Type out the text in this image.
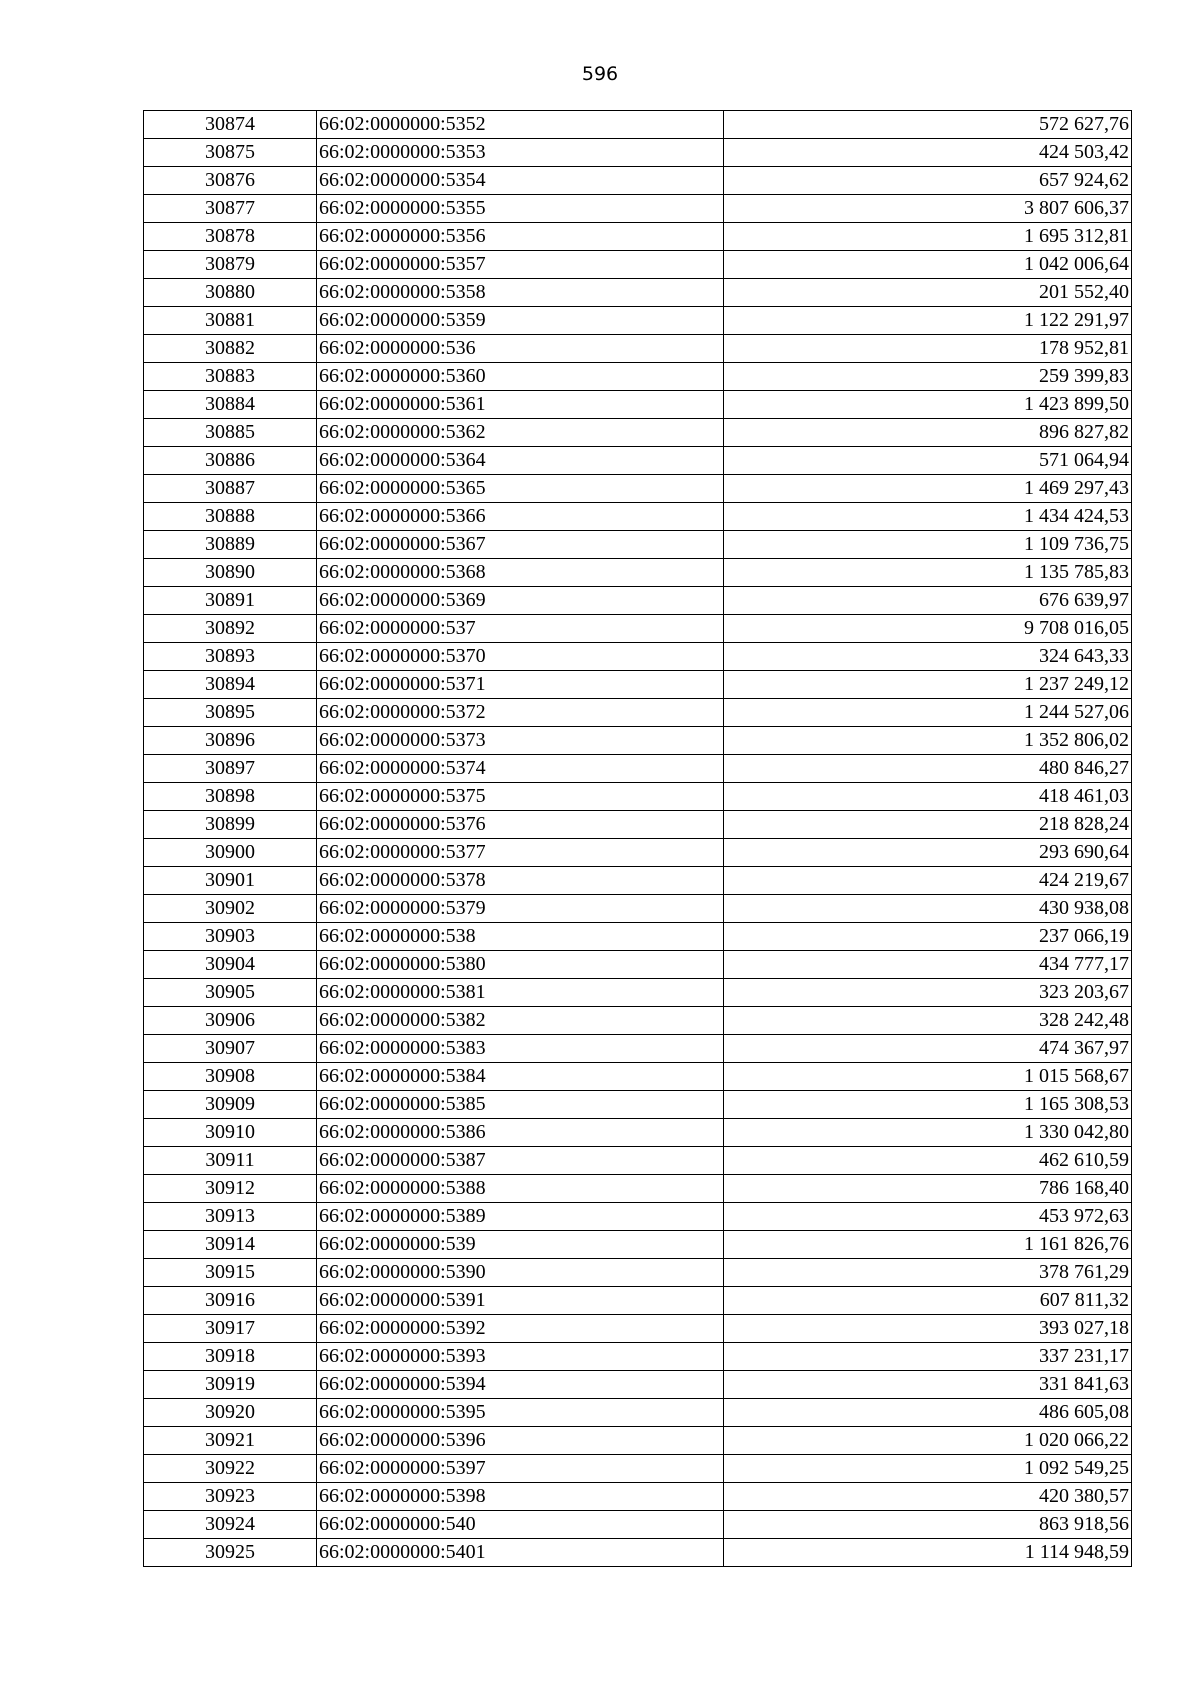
596
30874	66:02:0000000:5352	572 627,76
30875	66:02:0000000:5353	424 503,42
30876	66:02:0000000:5354	657 924,62
30877	66:02:0000000:5355	3 807 606,37
30878	66:02:0000000:5356	1 695 312,81
30879	66:02:0000000:5357	1 042 006,64
30880	66:02:0000000:5358	201 552,40
30881	66:02:0000000:5359	1 122 291,97
30882	66:02:0000000:536	178 952,81
30883	66:02:0000000:5360	259 399,83
30884	66:02:0000000:5361	1 423 899,50
30885	66:02:0000000:5362	896 827,82
30886	66:02:0000000:5364	571 064,94
30887	66:02:0000000:5365	1 469 297,43
30888	66:02:0000000:5366	1 434 424,53
30889	66:02:0000000:5367	1 109 736,75
30890	66:02:0000000:5368	1 135 785,83
30891	66:02:0000000:5369	676 639,97
30892	66:02:0000000:537	9 708 016,05
30893	66:02:0000000:5370	324 643,33
30894	66:02:0000000:5371	1 237 249,12
30895	66:02:0000000:5372	1 244 527,06
30896	66:02:0000000:5373	1 352 806,02
30897	66:02:0000000:5374	480 846,27
30898	66:02:0000000:5375	418 461,03
30899	66:02:0000000:5376	218 828,24
30900	66:02:0000000:5377	293 690,64
30901	66:02:0000000:5378	424 219,67
30902	66:02:0000000:5379	430 938,08
30903	66:02:0000000:538	237 066,19
30904	66:02:0000000:5380	434 777,17
30905	66:02:0000000:5381	323 203,67
30906	66:02:0000000:5382	328 242,48
30907	66:02:0000000:5383	474 367,97
30908	66:02:0000000:5384	1 015 568,67
30909	66:02:0000000:5385	1 165 308,53
30910	66:02:0000000:5386	1 330 042,80
30911	66:02:0000000:5387	462 610,59
30912	66:02:0000000:5388	786 168,40
30913	66:02:0000000:5389	453 972,63
30914	66:02:0000000:539	1 161 826,76
30915	66:02:0000000:5390	378 761,29
30916	66:02:0000000:5391	607 811,32
30917	66:02:0000000:5392	393 027,18
30918	66:02:0000000:5393	337 231,17
30919	66:02:0000000:5394	331 841,63
30920	66:02:0000000:5395	486 605,08
30921	66:02:0000000:5396	1 020 066,22
30922	66:02:0000000:5397	1 092 549,25
30923	66:02:0000000:5398	420 380,57
30924	66:02:0000000:540	863 918,56
30925	66:02:0000000:5401	1 114 948,59
